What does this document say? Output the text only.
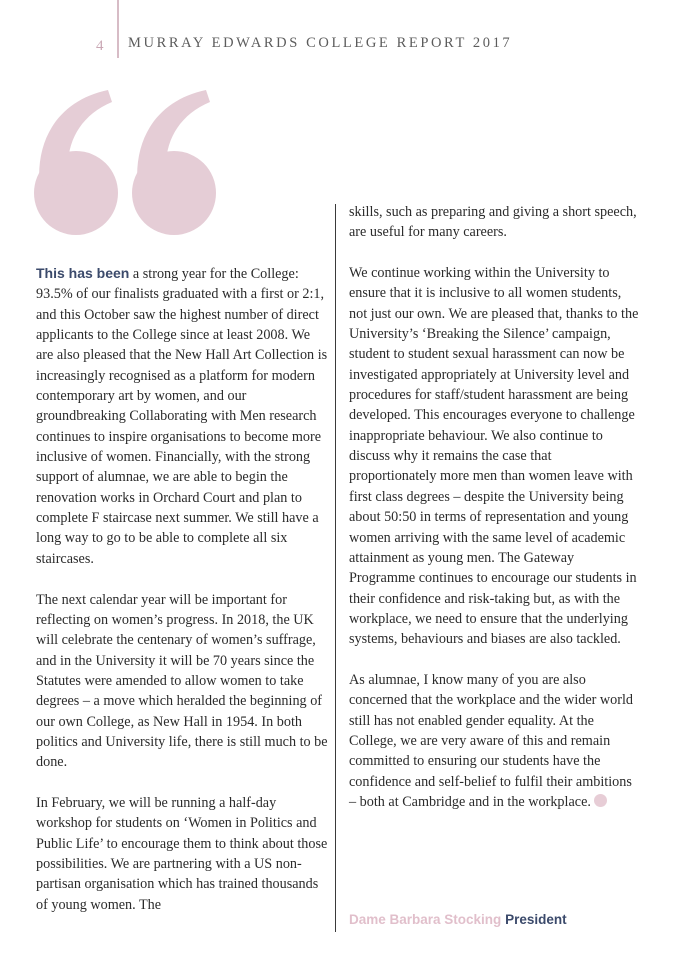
4 MURRAY EDWARDS COLLEGE REPORT 2017

This has been a strong year for the College: 93.5% of our finalists graduated with a first or 2:1, and this October saw the highest number of direct applicants to the College since at least 2008. We are also pleased that the New Hall Art Collection is increasingly recognised as a platform for modern contemporary art by women, and our groundbreaking Collaborating with Men research continues to inspire organisations to become more inclusive of women. Financially, with the strong support of alumnae, we are able to begin the renovation works in Orchard Court and plan to complete F staircase next summer. We still have a long way to go to be able to complete all six staircases.

The next calendar year will be important for reflecting on women’s progress. In 2018, the UK will celebrate the centenary of women’s suffrage, and in the University it will be 70 years since the Statutes were amended to allow women to take degrees – a move which heralded the beginning of our own College, as New Hall in 1954. In both politics and University life, there is still much to be done.

In February, we will be running a half-day workshop for students on ‘Women in Politics and Public Life’ to encourage them to think about those possibilities. We are partnering with a US non-partisan organisation which has trained thousands of young women. The

skills, such as preparing and giving a short speech, are useful for many careers.

We continue working within the University to ensure that it is inclusive to all women students, not just our own. We are pleased that, thanks to the University’s ‘Breaking the Silence’ campaign, student to student sexual harassment can now be investigated appropriately at University level and procedures for staff/student harassment are being developed. This encourages everyone to challenge inappropriate behaviour. We also continue to discuss why it remains the case that proportionately more men than women leave with first class degrees – despite the University being about 50:50 in terms of representation and young women arriving with the same level of academic attainment as young men. The Gateway Programme continues to encourage our students in their confidence and risk-taking but, as with the workplace, we need to ensure that the underlying systems, behaviours and biases are also tackled.

As alumnae, I know many of you are also concerned that the workplace and the wider world still has not enabled gender equality. At the College, we are very aware of this and remain committed to ensuring our students have the confidence and self-belief to fulfil their ambitions – both at Cambridge and in the workplace.

Dame Barbara Stocking President
